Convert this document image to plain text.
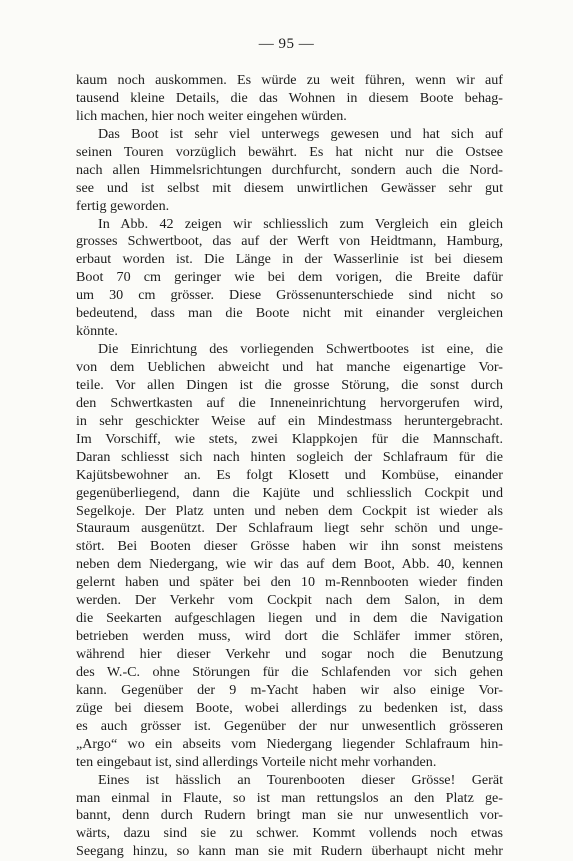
— 95 —
kaum noch auskommen. Es würde zu weit führen, wenn wir auf
tausend kleine Details, die das Wohnen in diesem Boote behag-
lich machen, hier noch weiter eingehen würden.
Das Boot ist sehr viel unterwegs gewesen und hat sich auf
seinen Touren vorzüglich bewährt. Es hat nicht nur die Ostsee
nach allen Himmelsrichtungen durchfurcht, sondern auch die Nord-
see und ist selbst mit diesem unwirtlichen Gewässer sehr gut
fertig geworden.
In Abb. 42 zeigen wir schliesslich zum Vergleich ein gleich
grosses Schwertboot, das auf der Werft von Heidtmann, Hamburg,
erbaut worden ist. Die Länge in der Wasserlinie ist bei diesem
Boot 70 cm geringer wie bei dem vorigen, die Breite dafür
um 30 cm grösser. Diese Grössenunterschiede sind nicht so
bedeutend, dass man die Boote nicht mit einander vergleichen
könnte.
Die Einrichtung des vorliegenden Schwertbootes ist eine, die
von dem Ueblichen abweicht und hat manche eigenartige Vor-
teile. Vor allen Dingen ist die grosse Störung, die sonst durch
den Schwertkasten auf die Inneneinrichtung hervorgerufen wird,
in sehr geschickter Weise auf ein Mindestmass heruntergebracht.
Im Vorschiff, wie stets, zwei Klappkojen für die Mannschaft.
Daran schliesst sich nach hinten sogleich der Schlafraum für die
Kajütsbewohner an. Es folgt Klosett und Kombüse, einander
gegenüberliegend, dann die Kajüte und schliesslich Cockpit und
Segelkoje. Der Platz unten und neben dem Cockpit ist wieder als
Stauraum ausgenützt. Der Schlafraum liegt sehr schön und unge-
stört. Bei Booten dieser Grösse haben wir ihn sonst meistens
neben dem Niedergang, wie wir das auf dem Boot, Abb. 40, kennen
gelernt haben und später bei den 10 m-Rennbooten wieder finden
werden. Der Verkehr vom Cockpit nach dem Salon, in dem
die Seekarten aufgeschlagen liegen und in dem die Navigation
betrieben werden muss, wird dort die Schläfer immer stören,
während hier dieser Verkehr und sogar noch die Benutzung
des W.-C. ohne Störungen für die Schlafenden vor sich gehen
kann. Gegenüber der 9 m-Yacht haben wir also einige Vor-
züge bei diesem Boote, wobei allerdings zu bedenken ist, dass
es auch grösser ist. Gegenüber der nur unwesentlich grösseren
„Argo“ wo ein abseits vom Niedergang liegender Schlafraum hin-
ten eingebaut ist, sind allerdings Vorteile nicht mehr vorhanden.
Eines ist hässlich an Tourenbooten dieser Grösse! Gerät
man einmal in Flaute, so ist man rettungslos an den Platz ge-
bannt, denn durch Rudern bringt man sie nur unwesentlich vor-
wärts, dazu sind sie zu schwer. Kommt vollends noch etwas
Seegang hinzu, so kann man sie mit Rudern überhaupt nicht mehr
